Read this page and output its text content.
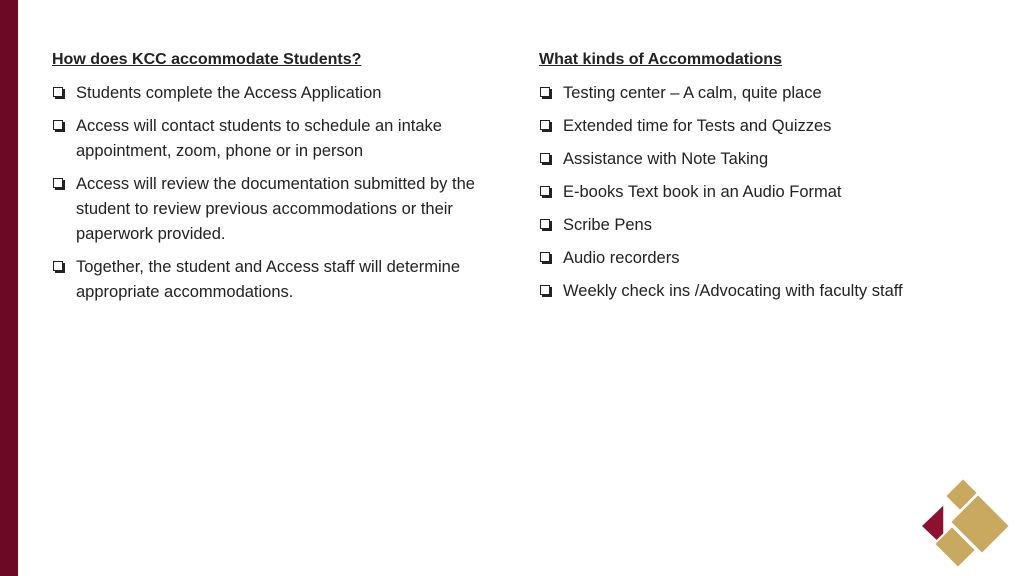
How does KCC accommodate Students?
Students complete the Access Application
Access will contact students to schedule an intake appointment, zoom, phone or in person
Access will review the documentation submitted by the student to review previous accommodations or their paperwork provided.
Together, the student and Access staff will determine appropriate accommodations.
What kinds of Accommodations
Testing center – A calm, quite place
Extended time for Tests and Quizzes
Assistance with Note Taking
E-books Text book in an Audio Format
Scribe Pens
Audio recorders
Weekly check ins /Advocating with faculty staff
